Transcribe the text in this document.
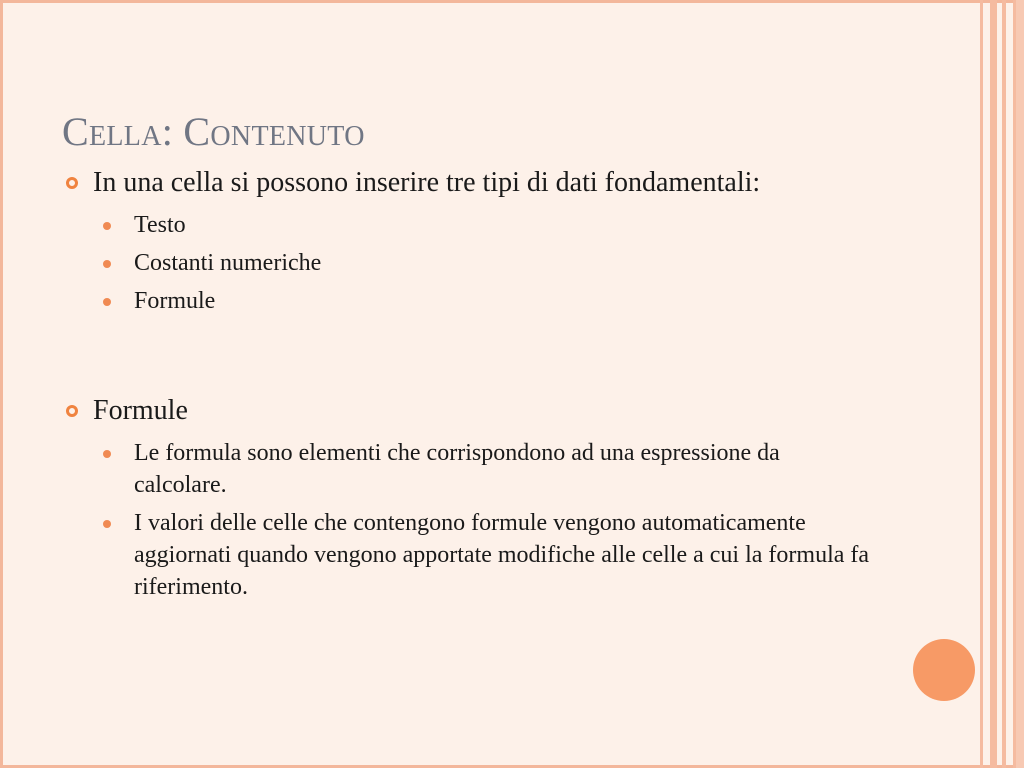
Cella: Contenuto
In una cella si possono inserire tre tipi di dati fondamentali:
Testo
Costanti numeriche
Formule
Formule
Le formula sono elementi che corrispondono ad una espressione da calcolare.
I valori delle celle che contengono formule vengono automaticamente aggiornati quando vengono apportate modifiche alle celle a cui la formula fa riferimento.
